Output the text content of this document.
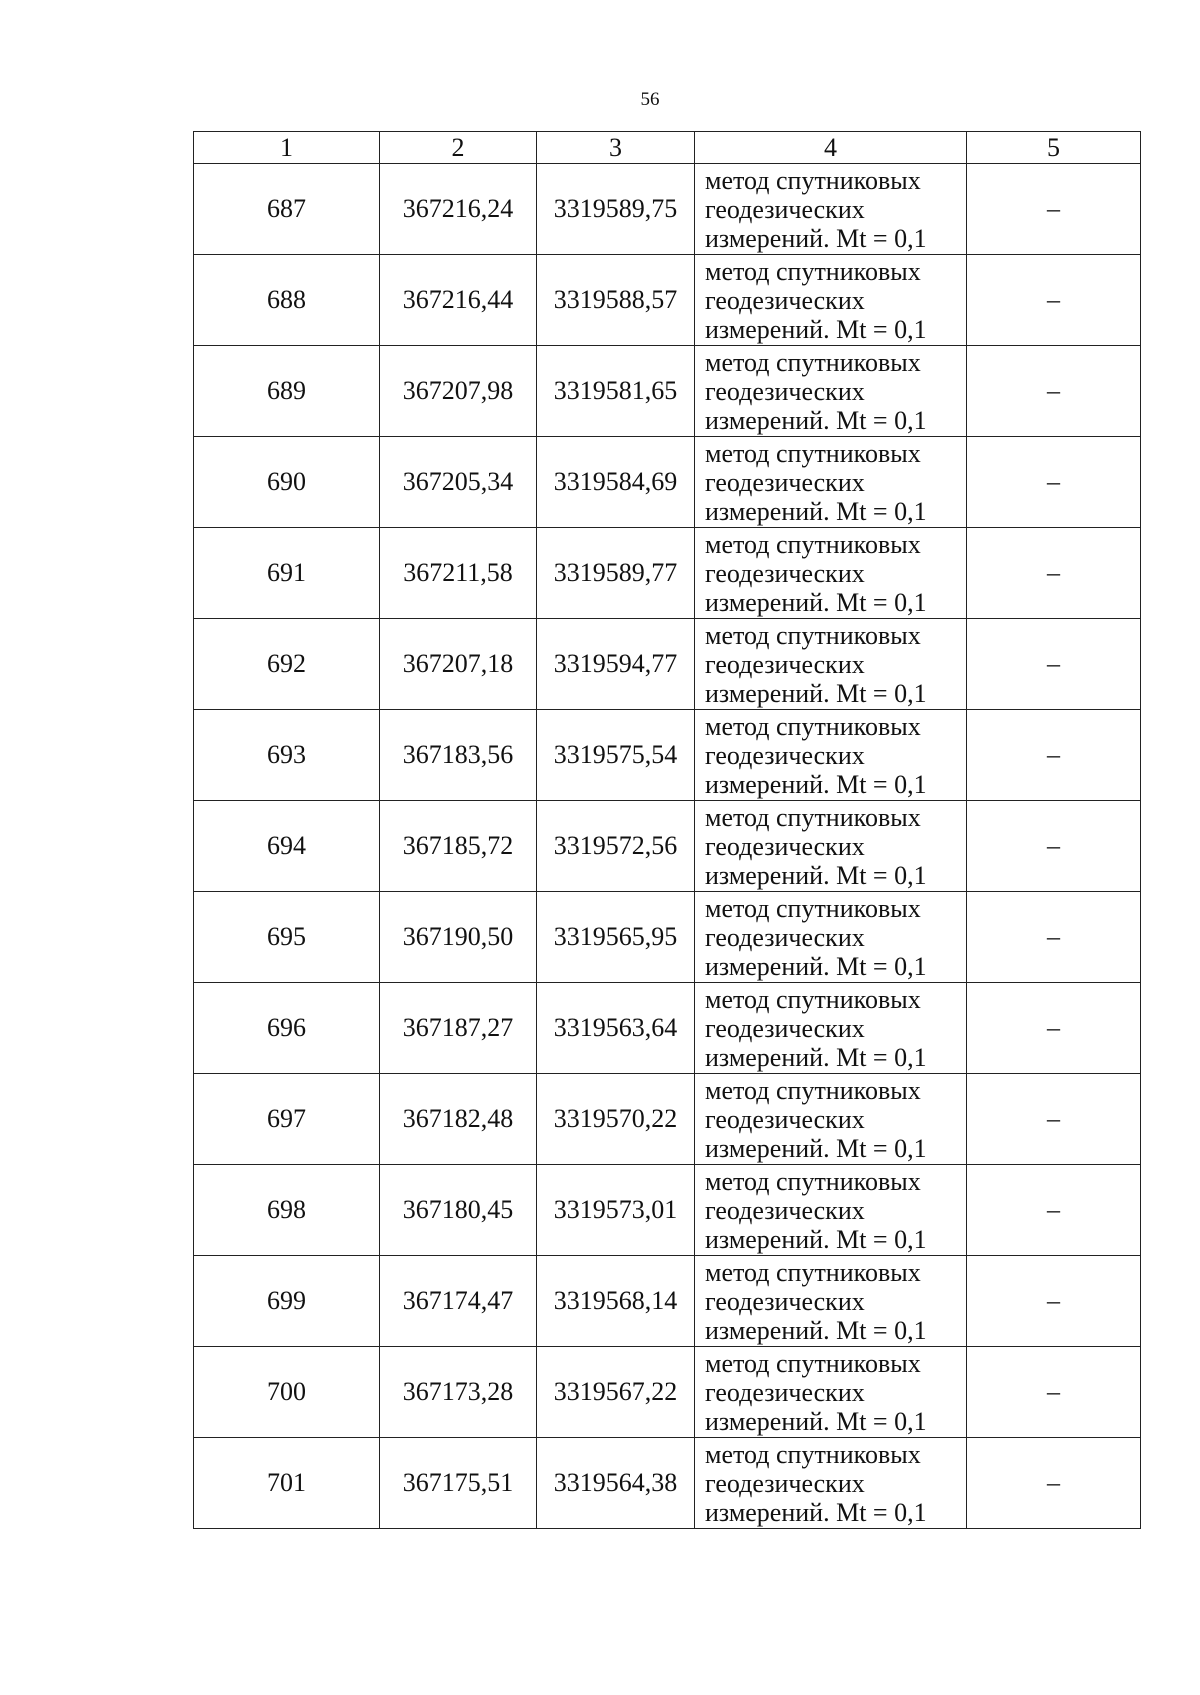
56
1	2	3	4	5
687	367216,24	3319589,75	метод спутниковых геодезических измерений. Mt = 0,1	–
688	367216,44	3319588,57	метод спутниковых геодезических измерений. Mt = 0,1	–
689	367207,98	3319581,65	метод спутниковых геодезических измерений. Mt = 0,1	–
690	367205,34	3319584,69	метод спутниковых геодезических измерений. Mt = 0,1	–
691	367211,58	3319589,77	метод спутниковых геодезических измерений. Mt = 0,1	–
692	367207,18	3319594,77	метод спутниковых геодезических измерений. Mt = 0,1	–
693	367183,56	3319575,54	метод спутниковых геодезических измерений. Mt = 0,1	–
694	367185,72	3319572,56	метод спутниковых геодезических измерений. Mt = 0,1	–
695	367190,50	3319565,95	метод спутниковых геодезических измерений. Mt = 0,1	–
696	367187,27	3319563,64	метод спутниковых геодезических измерений. Mt = 0,1	–
697	367182,48	3319570,22	метод спутниковых геодезических измерений. Mt = 0,1	–
698	367180,45	3319573,01	метод спутниковых геодезических измерений. Mt = 0,1	–
699	367174,47	3319568,14	метод спутниковых геодезических измерений. Mt = 0,1	–
700	367173,28	3319567,22	метод спутниковых геодезических измерений. Mt = 0,1	–
701	367175,51	3319564,38	метод спутниковых геодезических измерений. Mt = 0,1	–
